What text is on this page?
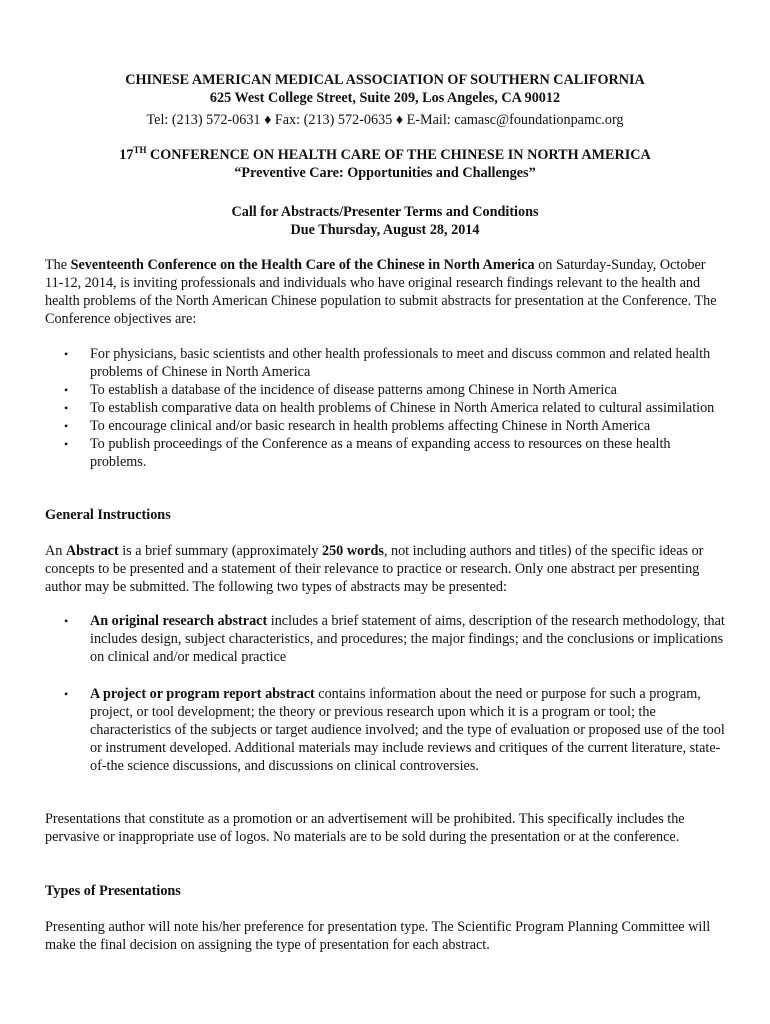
CHINESE AMERICAN MEDICAL ASSOCIATION OF SOUTHERN CALIFORNIA
625 West College Street, Suite 209, Los Angeles, CA 90012
Tel: (213) 572-0631 ♦ Fax: (213) 572-0635 ♦ E-Mail: camasc@foundationpamc.org
17TH CONFERENCE ON HEALTH CARE OF THE CHINESE IN NORTH AMERICA
“Preventive Care: Opportunities and Challenges”
Call for Abstracts/Presenter Terms and Conditions
Due Thursday, August 28, 2014

The Seventeenth Conference on the Health Care of the Chinese in North America on Saturday-Sunday, October 11-12, 2014, is inviting professionals and individuals who have original research findings relevant to the health and health problems of the North American Chinese population to submit abstracts for presentation at the Conference. The Conference objectives are:

• For physicians, basic scientists and other health professionals to meet and discuss common and related health problems of Chinese in North America
• To establish a database of the incidence of disease patterns among Chinese in North America
• To establish comparative data on health problems of Chinese in North America related to cultural assimilation
• To encourage clinical and/or basic research in health problems affecting Chinese in North America
• To publish proceedings of the Conference as a means of expanding access to resources on these health problems.
General Instructions

An Abstract is a brief summary (approximately 250 words, not including authors and titles) of the specific ideas or concepts to be presented and a statement of their relevance to practice or research. Only one abstract per presenting author may be submitted. The following two types of abstracts may be presented:

• An original research abstract includes a brief statement of aims, description of the research methodology, that includes design, subject characteristics, and procedures; the major findings; and the conclusions or implications on clinical and/or medical practice
• A project or program report abstract contains information about the need or purpose for such a program, project, or tool development; the theory or previous research upon which it is a program or tool; the characteristics of the subjects or target audience involved; and the type of evaluation or proposed use of the tool or instrument developed. Additional materials may include reviews and critiques of the current literature, state-of-the science discussions, and discussions on clinical controversies.

Presentations that constitute as a promotion or an advertisement will be prohibited. This specifically includes the pervasive or inappropriate use of logos. No materials are to be sold during the presentation or at the conference.

Types of Presentations

Presenting author will note his/her preference for presentation type. The Scientific Program Planning Committee will make the final decision on assigning the type of presentation for each abstract.
